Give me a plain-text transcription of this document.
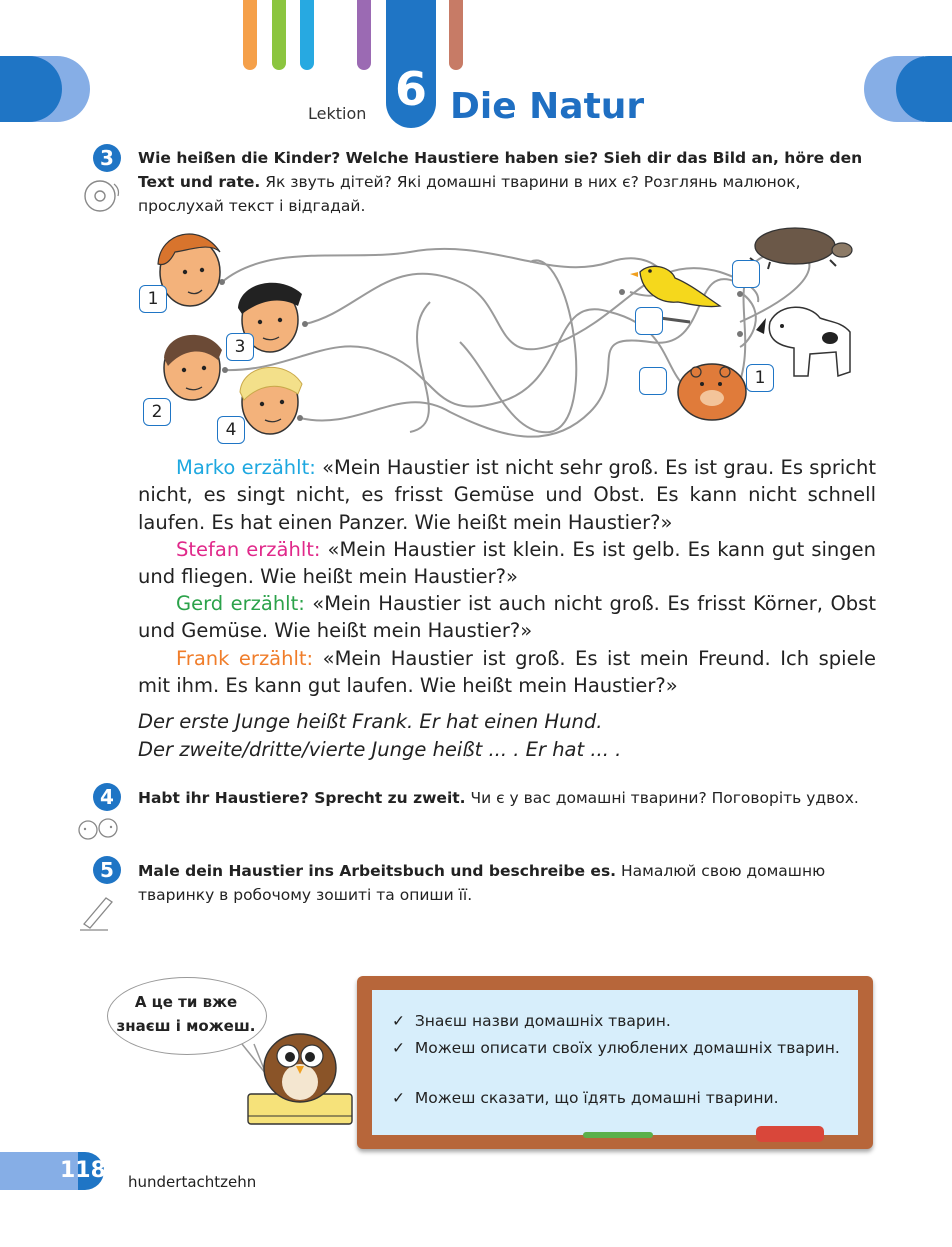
Lektion 6 Die Natur
3	Wie heißen die Kinder? Welche Haustiere haben sie? Sieh dir das Bild an, höre den Text und rate. Як звуть дітей? Які домашні тварини в них є? Розглянь малюнок, прослухай текст і відгадай.
1
3
2
4
1
Marko erzählt: «Mein Haustier ist nicht sehr groß. Es ist grau. Es spricht nicht, es singt nicht, es frisst Gemüse und Obst. Es kann nicht schnell laufen. Es hat einen Panzer. Wie heißt mein Haustier?»
Stefan erzählt: «Mein Haustier ist klein. Es ist gelb. Es kann gut singen und fliegen. Wie heißt mein Haustier?»
Gerd erzählt: «Mein Haustier ist auch nicht groß. Es frisst Körner, Obst und Gemüse. Wie heißt mein Haustier?»
Frank erzählt: «Mein Haustier ist groß. Es ist mein Freund. Ich spiele mit ihm. Es kann gut laufen. Wie heißt mein Haustier?»
Der erste Junge heißt Frank. Er hat einen Hund.
Der zweite/dritte/vierte Junge heißt ... . Er hat ... .
4	Habt ihr Haustiere? Sprecht zu zweit. Чи є у вас домашні тварини? Поговоріть удвох.
5	Male dein Haustier ins Arbeitsbuch und beschreibe es. Намалюй свою домашню тваринку в робочому зошиті та опиши її.
А це ти вже знаєш і можеш.	✓ Знаєш назви домашніх тварин.
✓ Можеш описати своїх улюблених домашніх тварин.
✓ Можеш сказати, що їдять домашні тварини.
118 hundertachtzehn
